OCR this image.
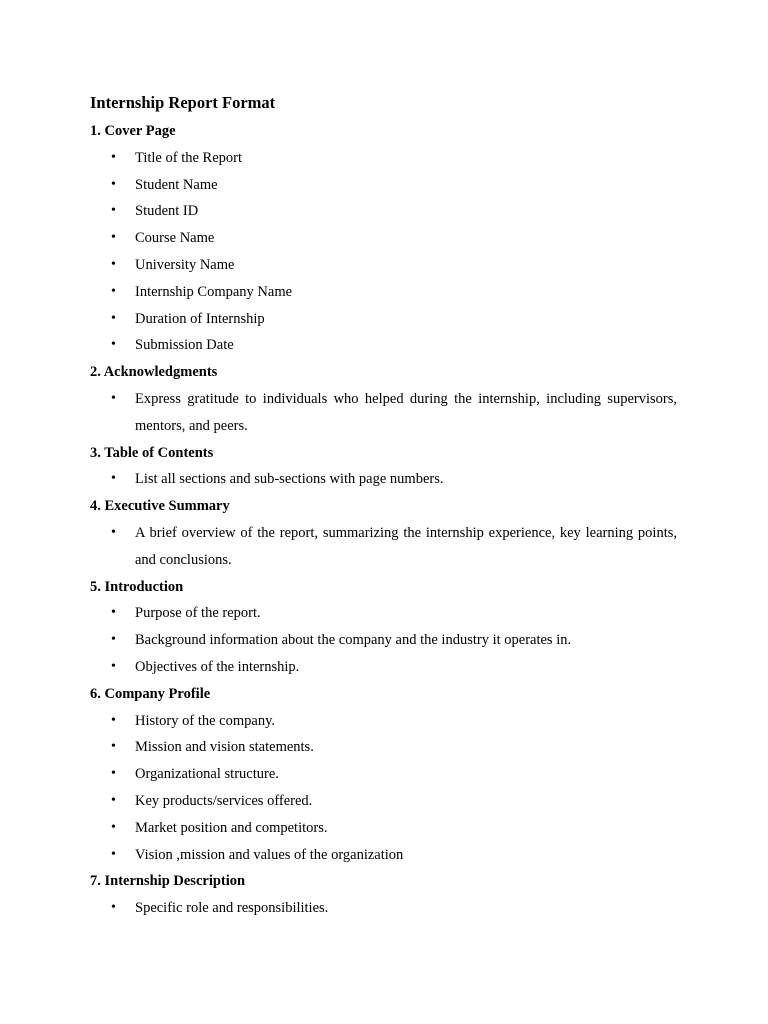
Internship Report Format
1. Cover Page
• Title of the Report
• Student Name
• Student ID
• Course Name
• University Name
• Internship Company Name
• Duration of Internship
• Submission Date
2. Acknowledgments
• Express gratitude to individuals who helped during the internship, including supervisors, mentors, and peers.
3. Table of Contents
• List all sections and sub-sections with page numbers.
4. Executive Summary
• A brief overview of the report, summarizing the internship experience, key learning points, and conclusions.
5. Introduction
• Purpose of the report.
• Background information about the company and the industry it operates in.
• Objectives of the internship.
6. Company Profile
• History of the company.
• Mission and vision statements.
• Organizational structure.
• Key products/services offered.
• Market position and competitors.
• Vision ,mission and values of the organization
7. Internship Description
• Specific role and responsibilities.
